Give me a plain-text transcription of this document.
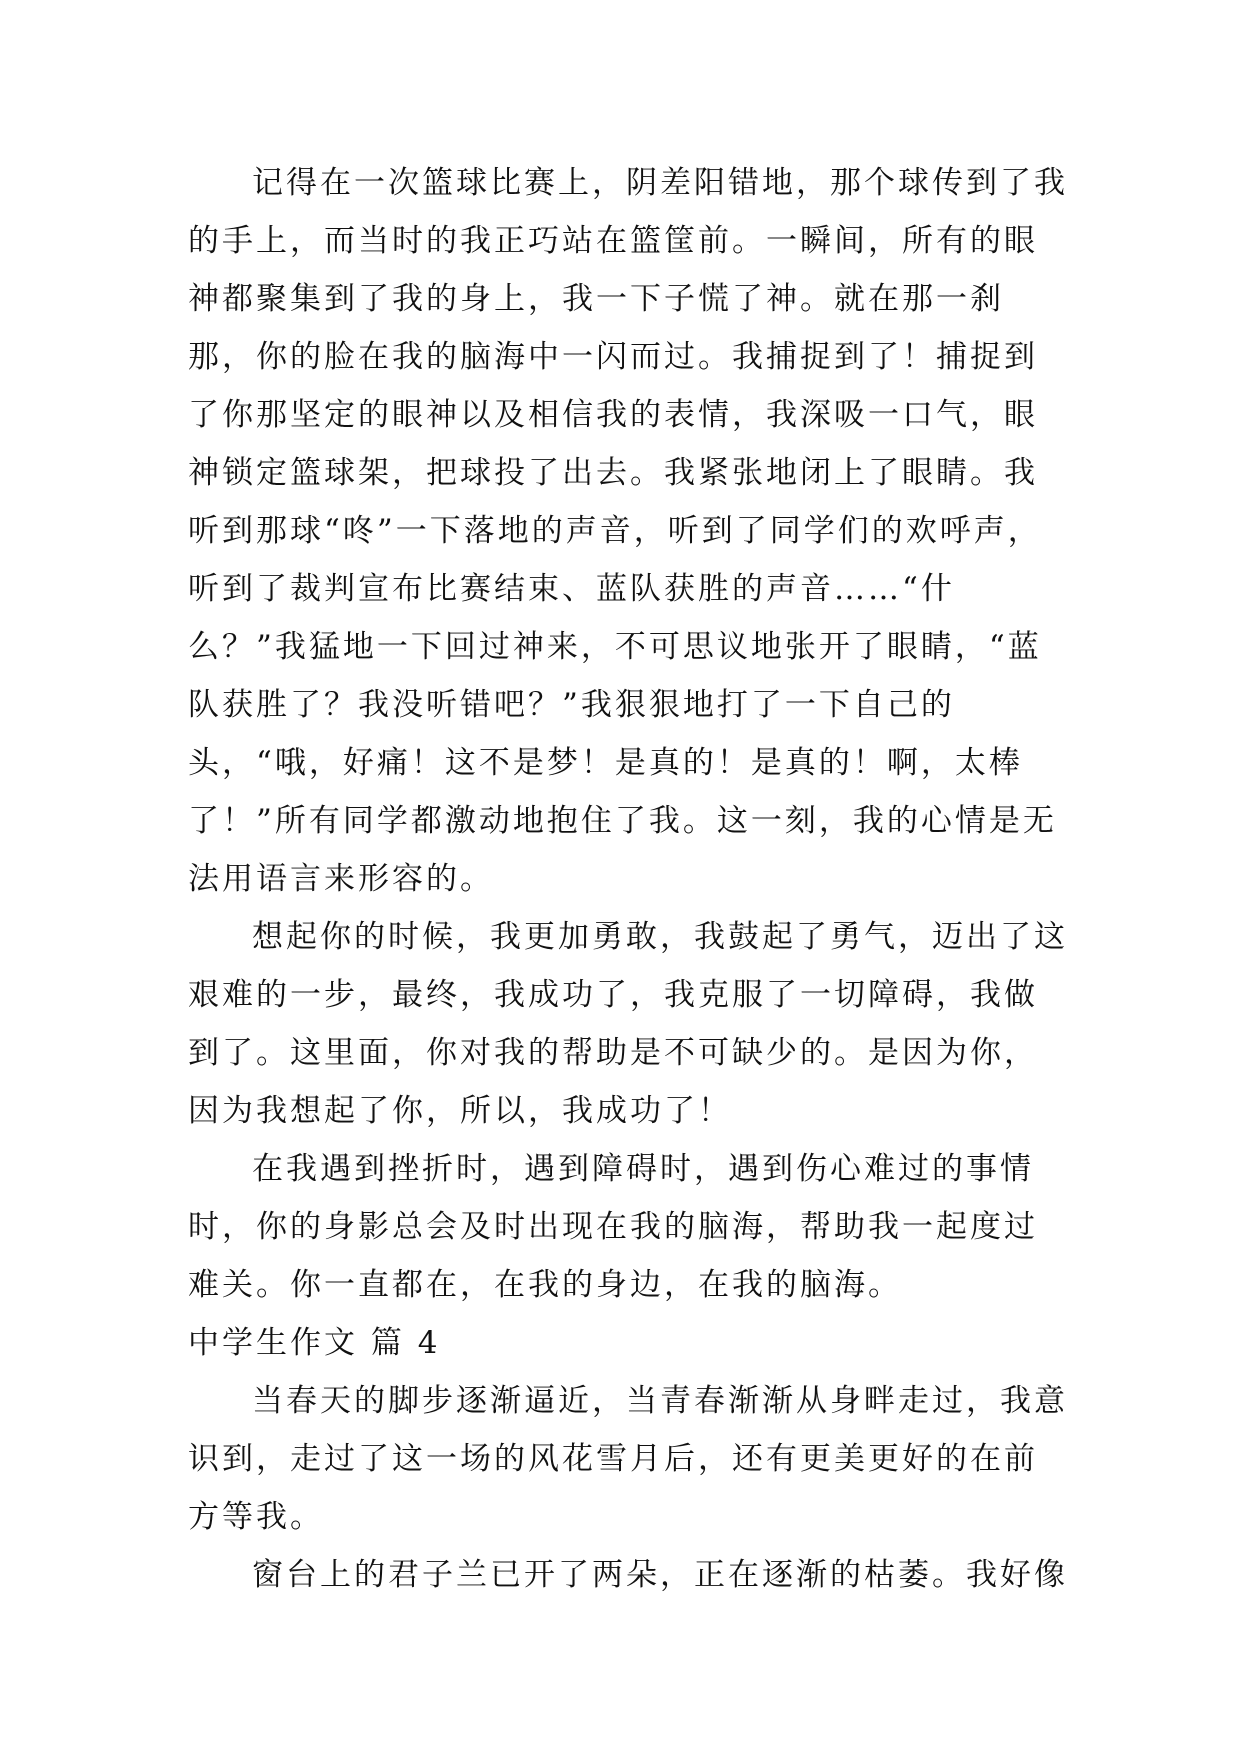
记得在一次篮球比赛上，阴差阳错地，那个球传到了我的手上，而当时的我正巧站在篮筐前。一瞬间，所有的眼神都聚集到了我的身上，我一下子慌了神。就在那一刹那，你的脸在我的脑海中一闪而过。我捕捉到了！捕捉到了你那坚定的眼神以及相信我的表情，我深吸一口气，眼神锁定篮球架，把球投了出去。我紧张地闭上了眼睛。我听到那球“咚”一下落地的声音，听到了同学们的欢呼声，听到了裁判宣布比赛结束、蓝队获胜的声音……“什么？”我猛地一下回过神来，不可思议地张开了眼睛，“蓝队获胜了？我没听错吧？”我狠狠地打了一下自己的头，“哦，好痛！这不是梦！是真的！是真的！啊，太棒了！”所有同学都激动地抱住了我。这一刻，我的心情是无法用语言来形容的。

想起你的时候，我更加勇敢，我鼓起了勇气，迈出了这艰难的一步，最终，我成功了，我克服了一切障碍，我做到了。这里面，你对我的帮助是不可缺少的。是因为你，因为我想起了你，所以，我成功了！

在我遇到挫折时，遇到障碍时，遇到伤心难过的事情时，你的身影总会及时出现在我的脑海，帮助我一起度过难关。你一直都在，在我的身边，在我的脑海。

中学生作文 篇 4

当春天的脚步逐渐逼近，当青春渐渐从身畔走过，我意识到，走过了这一场的风花雪月后，还有更美更好的在前方等我。

窗台上的君子兰已开了两朵，正在逐渐的枯萎。我好像
